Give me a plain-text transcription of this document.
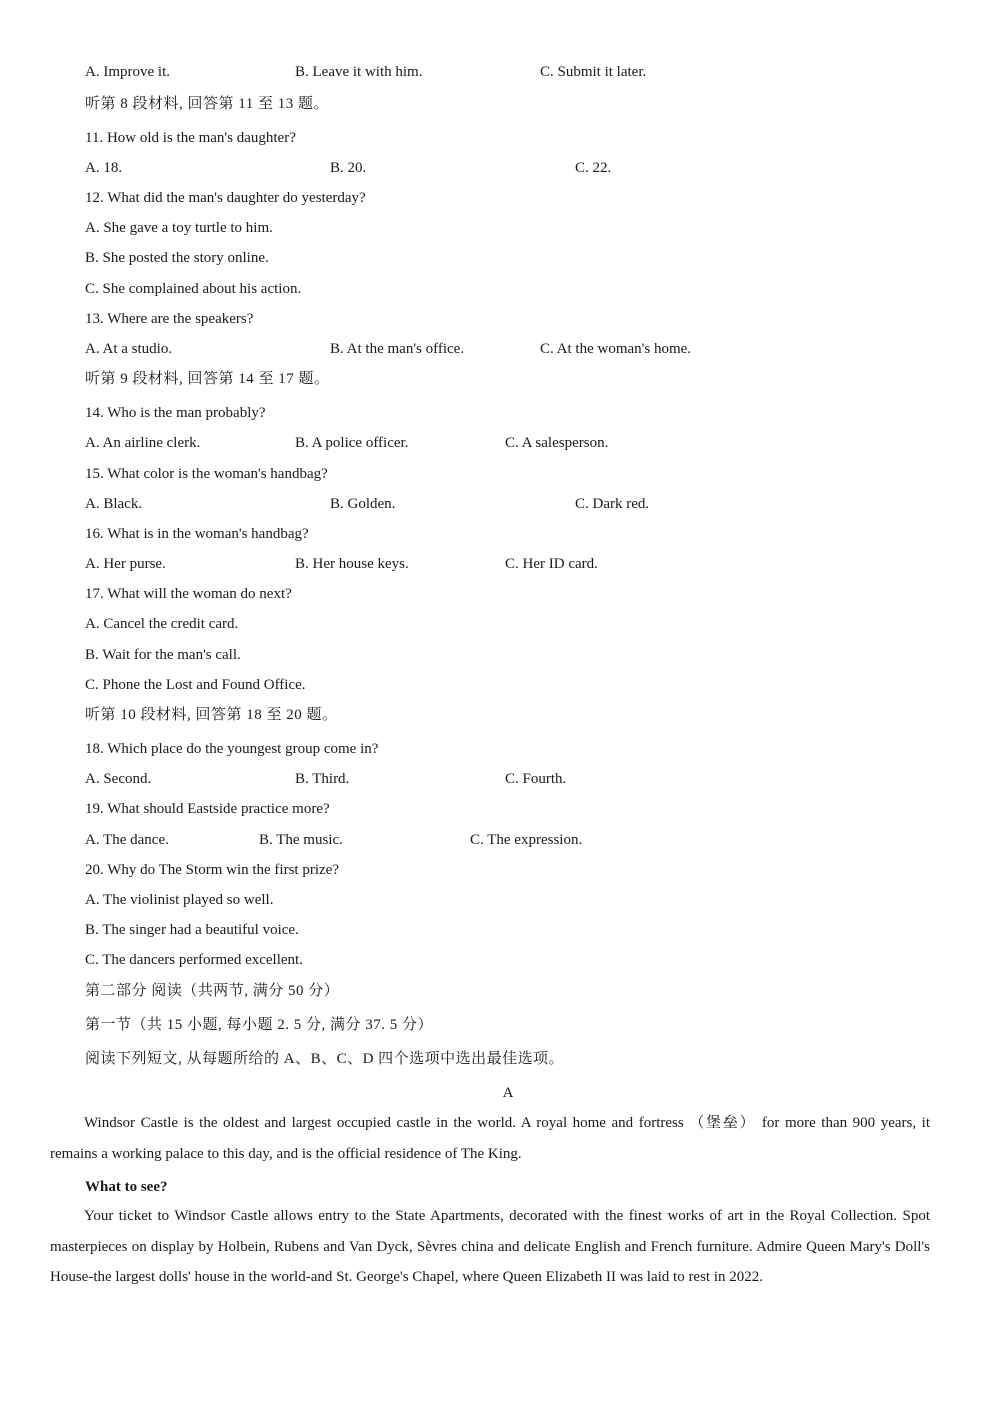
A. Improve it.	B. Leave it with him.	C. Submit it later.
听第 8 段材料, 回答第 11 至 13 题。
11. How old is the man's daughter?
A. 18.	B. 20.	C. 22.
12. What did the man's daughter do yesterday?
A. She gave a toy turtle to him.
B. She posted the story online.
C. She complained about his action.
13. Where are the speakers?
A. At a studio.	B. At the man's office.	C. At the woman's home.
听第 9 段材料, 回答第 14 至 17 题。
14. Who is the man probably?
A. An airline clerk.	B. A police officer.	C. A salesperson.
15. What color is the woman's handbag?
A. Black.	B. Golden.	C. Dark red.
16. What is in the woman's handbag?
A. Her purse.	B. Her house keys.	C. Her ID card.
17. What will the woman do next?
A. Cancel the credit card.
B. Wait for the man's call.
C. Phone the Lost and Found Office.
听第 10 段材料, 回答第 18 至 20 题。
18. Which place do the youngest group come in?
A. Second.	B. Third.	C. Fourth.
19. What should Eastside practice more?
A. The dance.	B. The music.	C. The expression.
20. Why do The Storm win the first prize?
A. The violinist played so well.
B. The singer had a beautiful voice.
C. The dancers performed excellent.
第二部分 阅读（共两节, 满分 50 分）
第一节（共 15 小题, 每小题 2. 5 分, 满分 37. 5 分）
阅读下列短文, 从每题所给的 A、B、C、D 四个选项中选出最佳选项。
A

Windsor Castle is the oldest and largest occupied castle in the world. A royal home and fortress （堡垒） for more than 900 years, it remains a working palace to this day, and is the official residence of The King.

What to see?

Your ticket to Windsor Castle allows entry to the State Apartments, decorated with the finest works of art in the Royal Collection. Spot masterpieces on display by Holbein, Rubens and Van Dyck, Sèvres china and delicate English and French furniture. Admire Queen Mary's Doll's House-the largest dolls' house in the world-and St. George's Chapel, where Queen Elizabeth II was laid to rest in 2022.
